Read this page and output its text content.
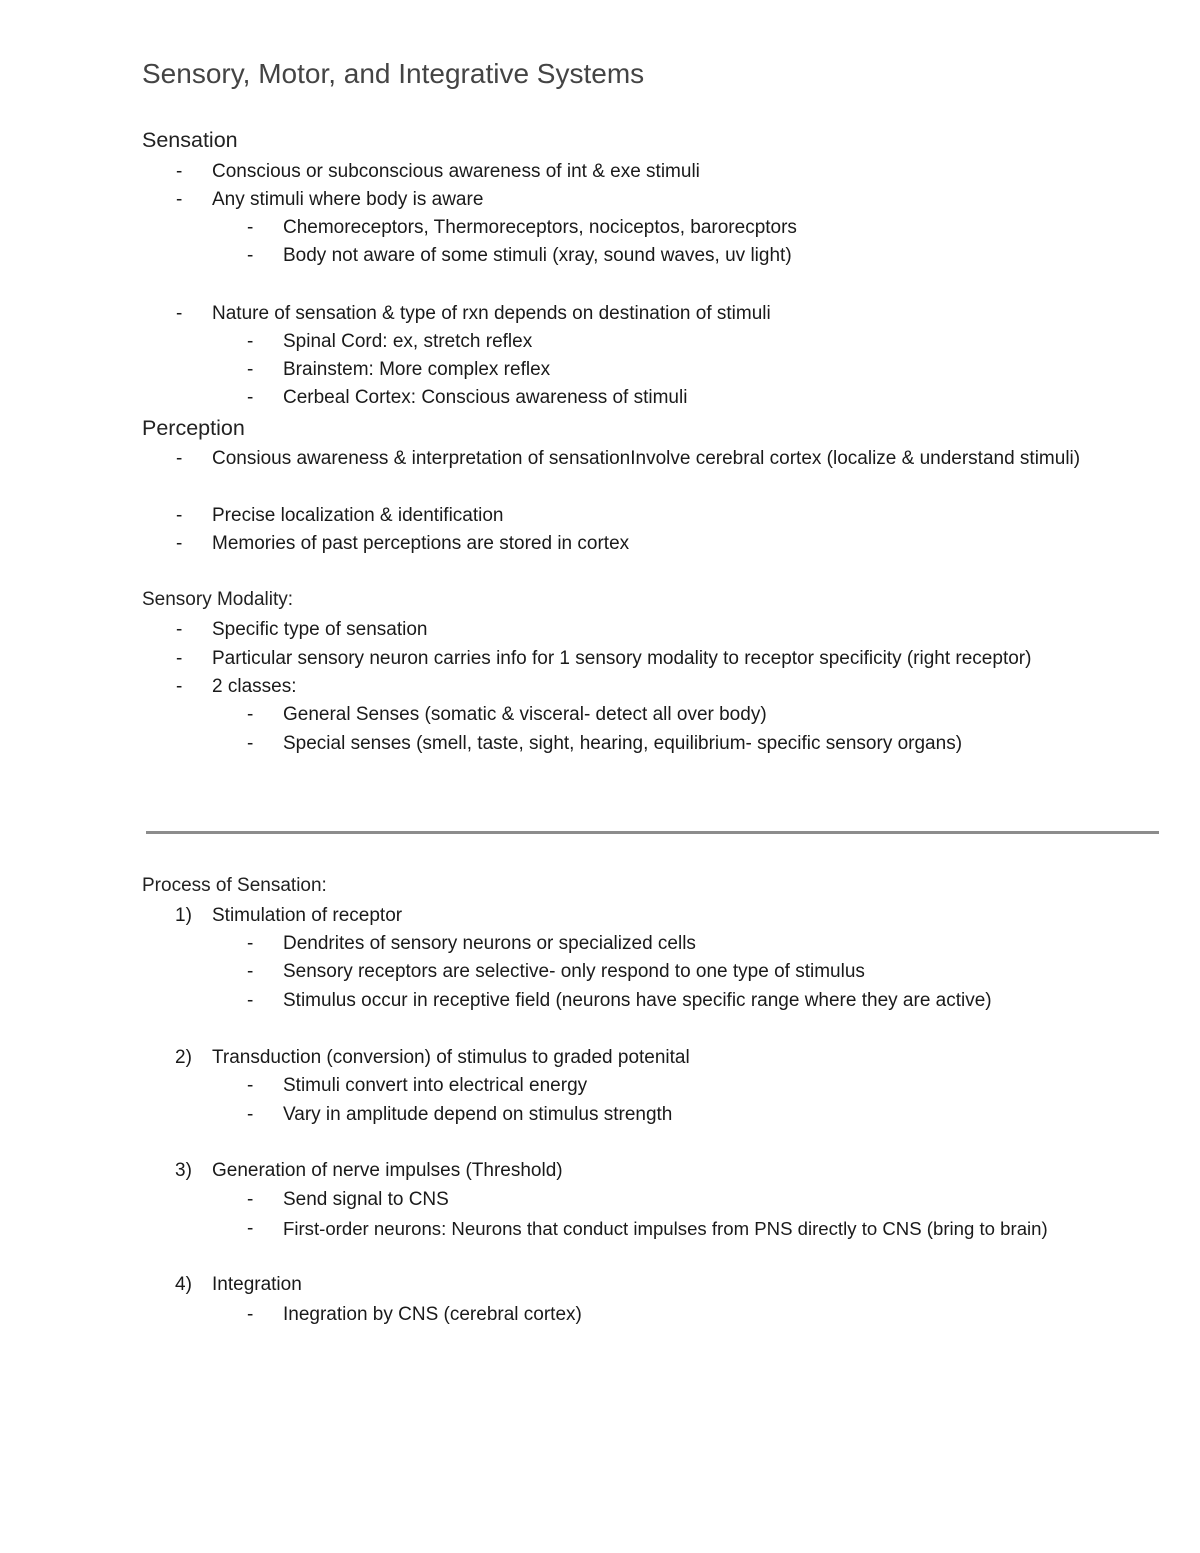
Sensory, Motor, and Integrative Systems
Sensation
- Conscious or subconscious awareness of int & exe stimuli
- Any stimuli where body is aware
- Chemoreceptors, Thermoreceptors, nociceptos, barorecptors
- Body not aware of some stimuli (xray, sound waves, uv light)
- Nature of sensation & type of rxn depends on destination of stimuli
- Spinal Cord: ex, stretch reflex
- Brainstem: More complex reflex
- Cerbeal Cortex: Conscious awareness of stimuli
Perception
- Consious awareness & interpretation of sensationInvolve cerebral cortex (localize & understand stimuli)
- Precise localization & identification
- Memories of past perceptions are stored in cortex
Sensory Modality:
- Specific type of sensation
- Particular sensory neuron carries info for 1 sensory modality to receptor specificity (right receptor)
- 2 classes:
- General Senses (somatic & visceral- detect all over body)
- Special senses (smell, taste, sight, hearing, equilibrium- specific sensory organs)
Process of Sensation:
1) Stimulation of receptor
- Dendrites of sensory neurons or specialized cells
- Sensory receptors are selective- only respond to one type of stimulus
- Stimulus occur in receptive field (neurons have specific range where they are active)
2) Transduction (conversion) of stimulus to graded potenital
- Stimuli convert into electrical energy
- Vary in amplitude depend on stimulus strength
3) Generation of nerve impulses (Threshold)
- Send signal to CNS
- First-order neurons: Neurons that conduct impulses from PNS directly to CNS (bring to brain)
4) Integration
- Inegration by CNS (cerebral cortex)
